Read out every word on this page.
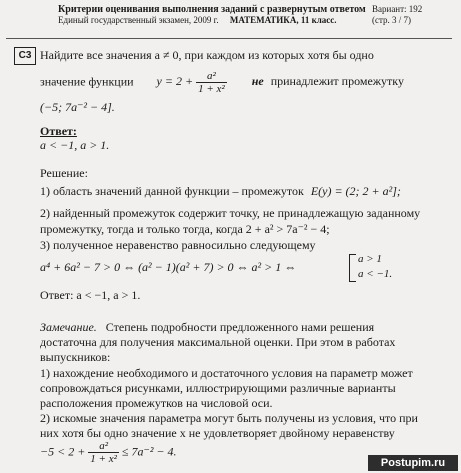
Критерии оценивания выполнения заданий с развернутым ответом
Единый государственный экзамен, 2009 г. МАТЕМАТИКА, 11 класс.
Вариант: 192
(стр. 3 / 7)
С3 Найдите все значения a ≠ 0, при каждом из которых хотя бы одно
значение функции $y = 2 + \frac{\text{a²}}{\text{1 + x²}}$ не принадлежит промежутку
(−5; 7a⁻² − 4].
Ответ:
a < −1, a > 1.
Решение:
1) область значений данной функции – промежуток E(y) = (2; 2 + a²];
2) найденный промежуток содержит точку, не принадлежащую заданному
промежутку, тогда и только тогда, когда 2 + a² > 7a⁻² − 4;
3) полученное неравенство равносильно следующему
a⁴ + 6a² − 7 > 0 ⇔ (a² − 1)(a² + 7) > 0 ⇔ a² > 1 ⇔
a > 1
a < −1.
Ответ: a < −1, a > 1.
Замечание. Степень подробности предложенного нами решения
достаточна для получения максимальной оценки. При этом в работах
выпускников:
1) нахождение необходимого и достаточного условия на параметр может
сопровождаться рисунками, иллюстрирующими различные варианты
расположения промежутков на числовой оси.
2) искомые значения параметра могут быть получены из условия, что при
них хотя бы одно значение x не удовлетворяет двойному неравенству
$-5 < 2 + \frac{\text{a²}}{\text{1 + x²}} \le 7a^{-2} - 4$.
Postupim.ru
